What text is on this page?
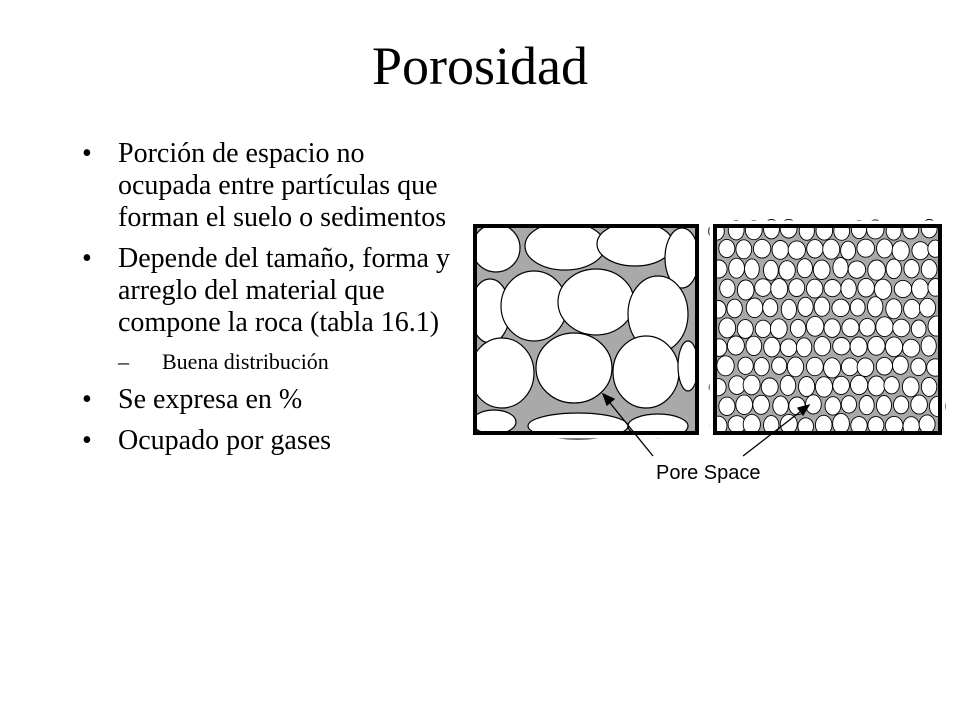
Porosidad
• Porción de espacio no ocupada entre partículas que forman el suelo o sedimentos
• Depende del tamaño, forma y arreglo del material que compone la roca (tabla 16.1)
– Buena distribución
• Se expresa en %
• Ocupado por gases
Pore Space
